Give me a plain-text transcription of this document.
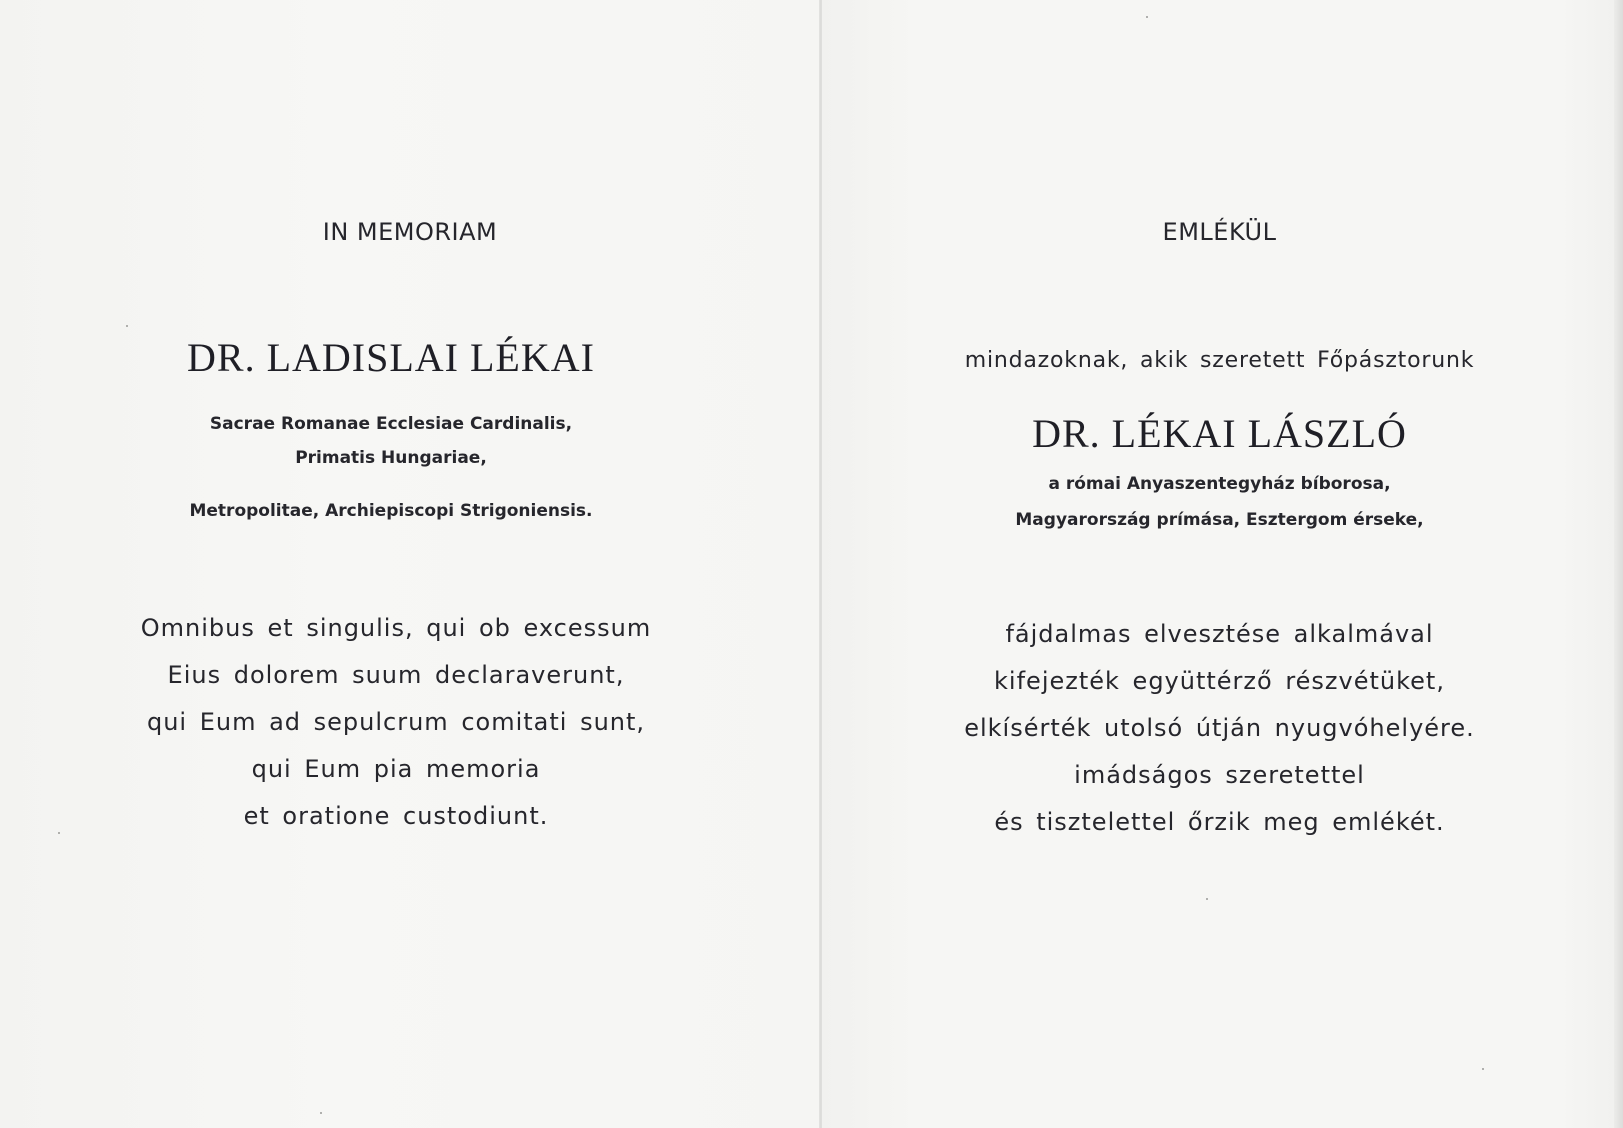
IN MEMORIAM
DR. LADISLAI LÉKAI
Sacrae Romanae Ecclesiae Cardinalis,
Primatis Hungariae,
Metropolitae, Archiepiscopi Strigoniensis.
Omnibus et singulis, qui ob excessum
Eius dolorem suum declaraverunt,
qui Eum ad sepulcrum comitati sunt,
qui Eum pia memoria
et oratione custodiunt.
EMLÉKÜL
mindazoknak, akik szeretett Főpásztorunk
DR. LÉKAI LÁSZLÓ
a római Anyaszentegyház bíborosa,
Magyarország prímása, Esztergom érseke,
fájdalmas elvesztése alkalmával
kifejezték együttérző részvétüket,
elkísérték utolsó útján nyugvóhelyére.
imádságos szeretettel
és tisztelettel őrzik meg emlékét.
